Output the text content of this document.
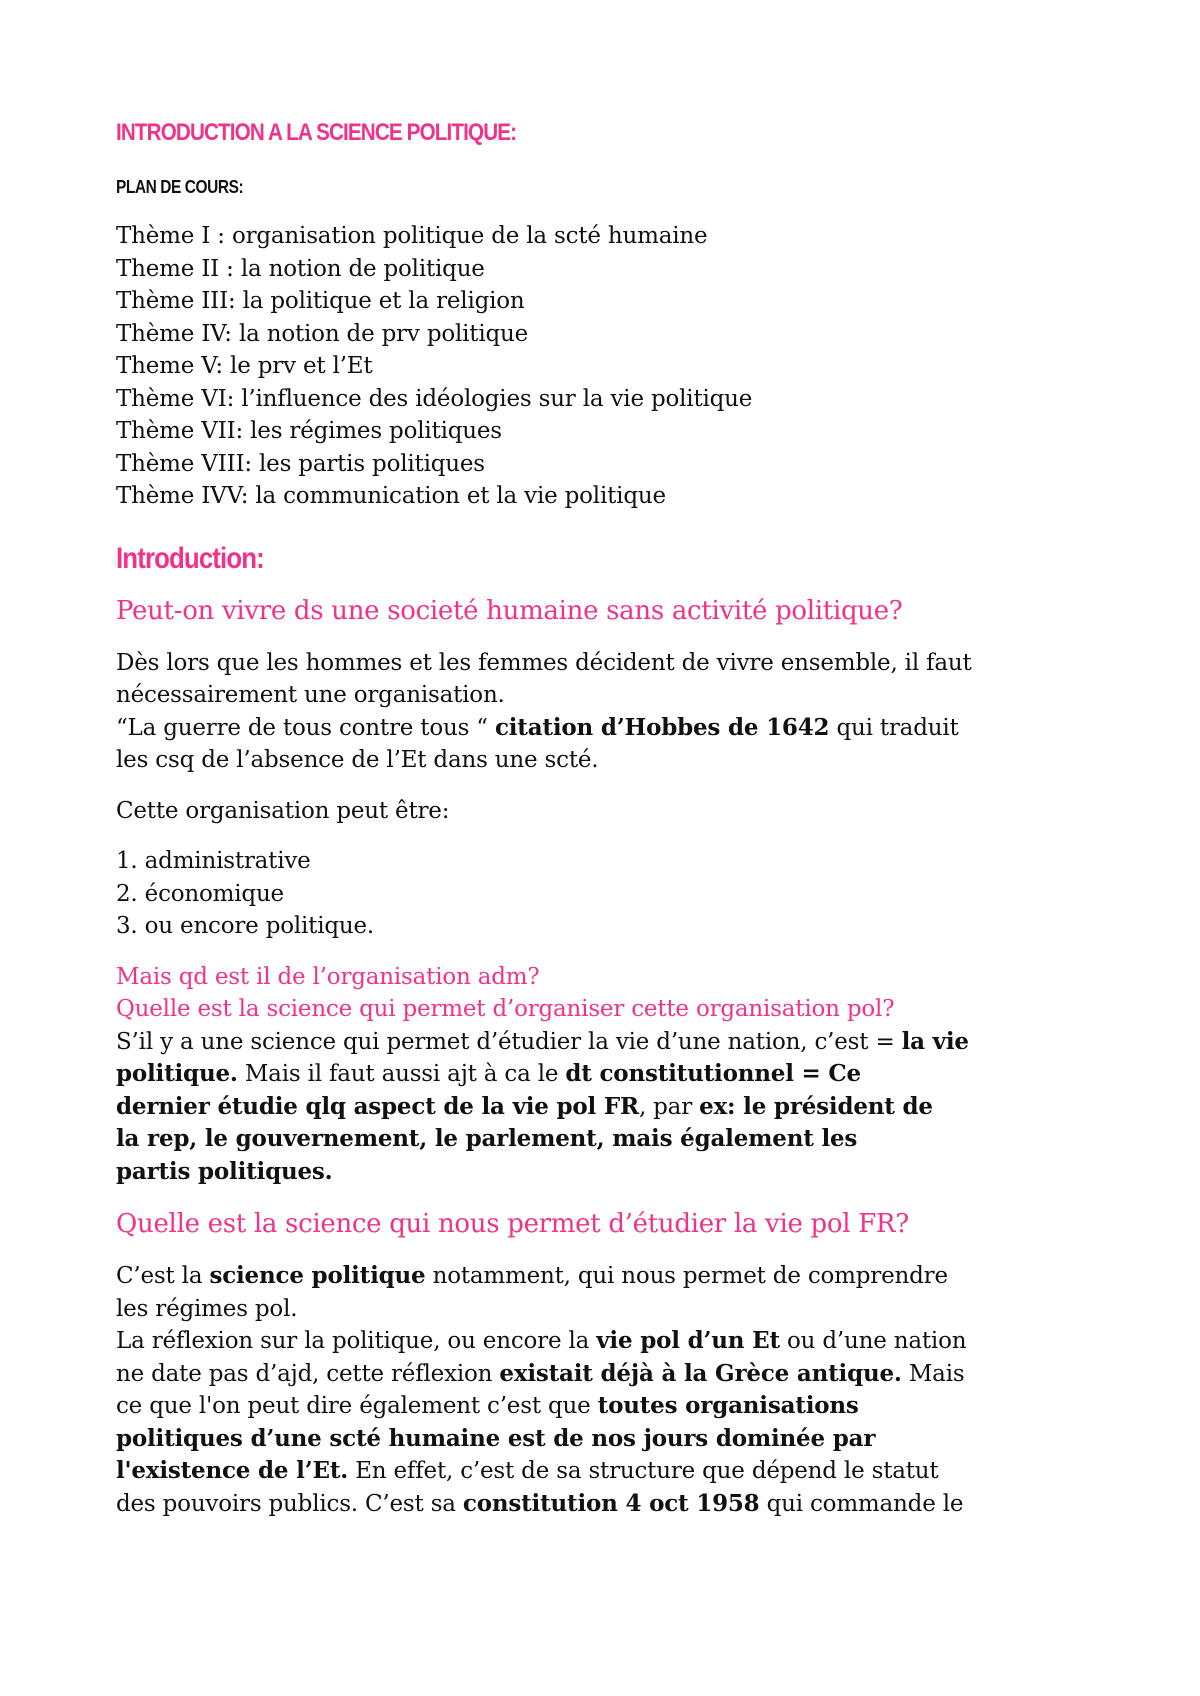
INTRODUCTION A LA SCIENCE POLITIQUE:
PLAN DE COURS:
Thème I : organisation politique de la scté humaine
Theme II : la notion de politique
Thème III: la politique et la religion
Thème IV: la notion de prv politique
Theme V: le prv et l’Et
Thème VI: l’influence des idéologies sur la vie politique
Thème VII: les régimes politiques
Thème VIII: les partis politiques
Thème IVV: la communication et la vie politique
Introduction:
Peut-on vivre ds une societé humaine sans activité politique?
Dès lors que les hommes et les femmes décident de vivre ensemble, il faut
nécessairement une organisation.
“La guerre de tous contre tous “ citation d’Hobbes de 1642 qui traduit
les csq de l’absence de l’Et dans une scté.
Cette organisation peut être:
1. administrative
2. économique
3. ou encore politique.
Mais qd est il de l’organisation adm?
Quelle est la science qui permet d’organiser cette organisation pol?
S’il y a une science qui permet d’étudier la vie d’une nation, c’est = la vie
politique. Mais il faut aussi ajt à ca le dt constitutionnel = Ce
dernier étudie qlq aspect de la vie pol FR, par ex: le président de
la rep, le gouvernement, le parlement, mais également les
partis politiques.
Quelle est la science qui nous permet d’étudier la vie pol FR?
C’est la science politique notamment, qui nous permet de comprendre
les régimes pol.
La réflexion sur la politique, ou encore la vie pol d’un Et ou d’une nation
ne date pas d’ajd, cette réflexion existait déjà à la Grèce antique. Mais
ce que l'on peut dire également c’est que toutes organisations
politiques d’une scté humaine est de nos jours dominée par
l'existence de l’Et. En effet, c’est de sa structure que dépend le statut
des pouvoirs publics. C’est sa constitution 4 oct 1958 qui commande le
